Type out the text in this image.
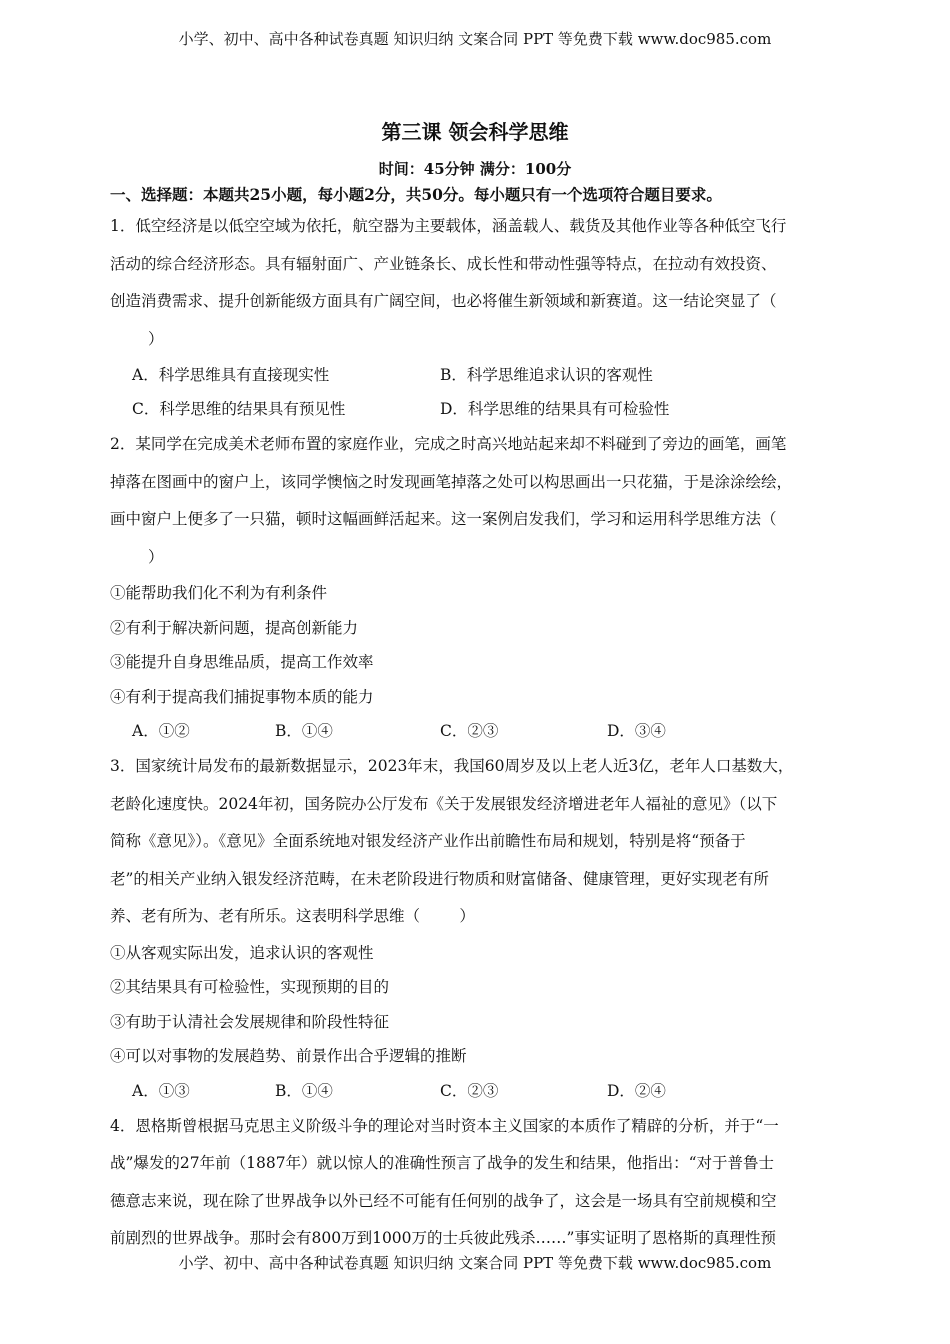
小学、初中、高中各种试卷真题 知识归纳 文案合同 PPT 等免费下载 www.doc985.com
第三课 领会科学思维
时间：45分钟 满分：100分
一、选择题：本题共25小题，每小题2分，共50分。每小题只有一个选项符合题目要求。

1．低空经济是以低空空域为依托，航空器为主要载体，涵盖载人、载货及其他作业等各种低空飞行

活动的综合经济形态。具有辐射面广、产业链条长、成长性和带动性强等特点，在拉动有效投资、

创造消费需求、提升创新能级方面具有广阔空间，也必将催生新领域和新赛道。这一结论突显了（

）

A．科学思维具有直接现实性	B．科学思维追求认识的客观性
C．科学思维的结果具有预见性	D．科学思维的结果具有可检验性

2．某同学在完成美术老师布置的家庭作业，完成之时高兴地站起来却不料碰到了旁边的画笔，画笔

掉落在图画中的窗户上，该同学懊恼之时发现画笔掉落之处可以构思画出一只花猫，于是涂涂绘绘，

画中窗户上便多了一只猫，顿时这幅画鲜活起来。这一案例启发我们，学习和运用科学思维方法（

）

①能帮助我们化不利为有利条件
②有利于解决新问题，提高创新能力
③能提升自身思维品质，提高工作效率
④有利于提高我们捕捉事物本质的能力
A．①②	B．①④	C．②③	D．③④

3．国家统计局发布的最新数据显示，2023年末，我国60周岁及以上老人近3亿，老年人口基数大，

老龄化速度快。2024年初，国务院办公厅发布《关于发展银发经济增进老年人福祉的意见》（以下

简称《意见》）。《意见》全面系统地对银发经济产业作出前瞻性布局和规划，特别是将“预备于

老”的相关产业纳入银发经济范畴，在未老阶段进行物质和财富储备、健康管理，更好实现老有所

养、老有所为、老有所乐。这表明科学思维（        ）

①从客观实际出发，追求认识的客观性
②其结果具有可检验性，实现预期的目的
③有助于认清社会发展规律和阶段性特征
④可以对事物的发展趋势、前景作出合乎逻辑的推断
A．①③	B．①④	C．②③	D．②④

4．恩格斯曾根据马克思主义阶级斗争的理论对当时资本主义国家的本质作了精辟的分析，并于“一

战”爆发的27年前（1887年）就以惊人的准确性预言了战争的发生和结果，他指出：“对于普鲁士

德意志来说，现在除了世界战争以外已经不可能有任何别的战争了，这会是一场具有空前规模和空

前剧烈的世界战争。那时会有800万到1000万的士兵彼此残杀……”事实证明了恩格斯的真理性预

小学、初中、高中各种试卷真题 知识归纳 文案合同 PPT 等免费下载 www.doc985.com
